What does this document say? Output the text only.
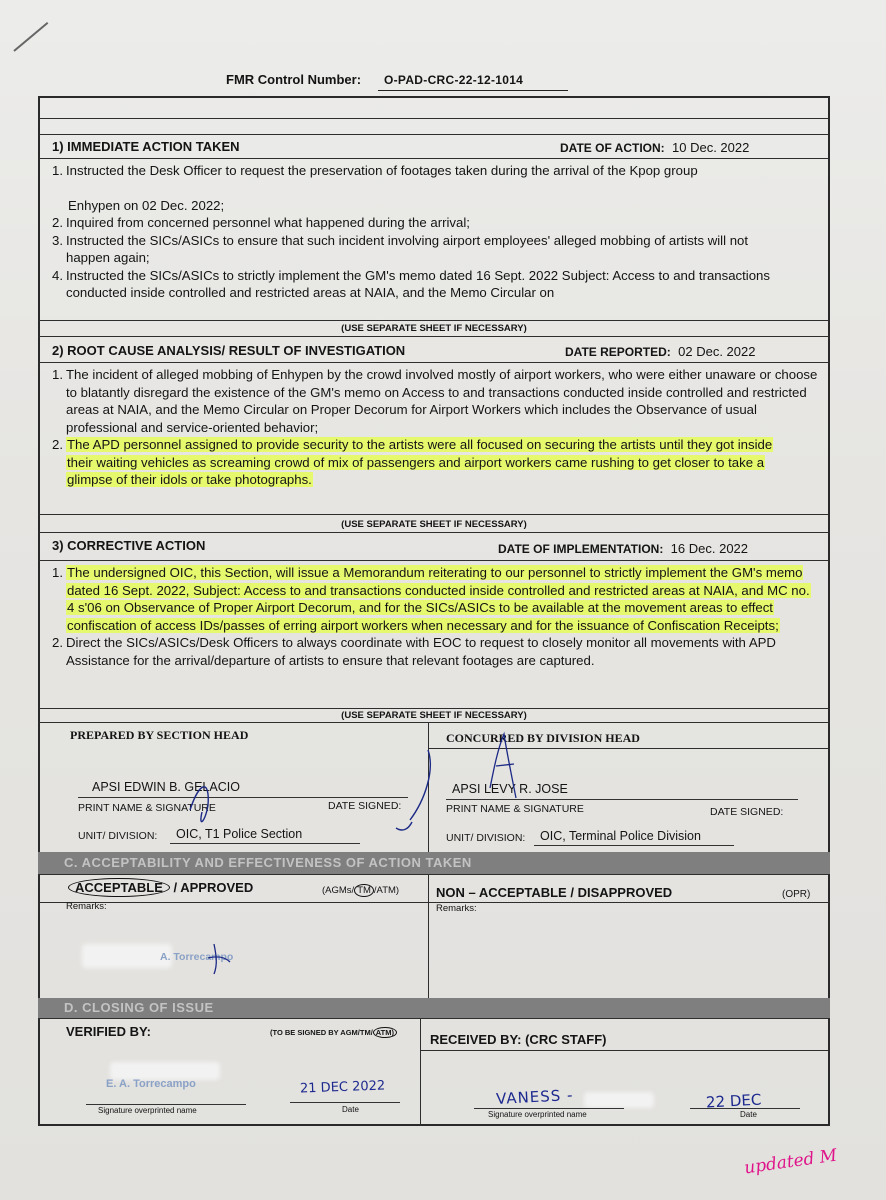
FMR Control Number: O-PAD-CRC-22-12-1014
1) IMMEDIATE ACTION TAKEN	DATE OF ACTION: 10 Dec. 2022
1. Instructed the Desk Officer to request the preservation of footages taken during the arrival of the Kpop group
Enhypen on 02 Dec. 2022;
2. Inquired from concerned personnel what happened during the arrival;
3. Instructed the SICs/ASICs to ensure that such incident involving airport employees' alleged mobbing of artists will not happen again;
4. Instructed the SICs/ASICs to strictly implement the GM's memo dated 16 Sept. 2022 Subject: Access to and transactions conducted inside controlled and restricted areas at NAIA, and the Memo Circular on
(USE SEPARATE SHEET IF NECESSARY)
2) ROOT CAUSE ANALYSIS/ RESULT OF INVESTIGATION	DATE REPORTED: 02 Dec. 2022
1. The incident of alleged mobbing of Enhypen by the crowd involved mostly of airport workers, who were either unaware or choose to blatantly disregard the existence of the GM's memo on Access to and transactions conducted inside controlled and restricted areas at NAIA, and the Memo Circular on Proper Decorum for Airport Workers which includes the Observance of usual professional and service-oriented behavior;
2. The APD personnel assigned to provide security to the artists were all focused on securing the artists until they got inside their waiting vehicles as screaming crowd of mix of passengers and airport workers came rushing to get closer to take a glimpse of their idols or take photographs.
(USE SEPARATE SHEET IF NECESSARY)
3) CORRECTIVE ACTION	DATE OF IMPLEMENTATION: 16 Dec. 2022
1. The undersigned OIC, this Section, will issue a Memorandum reiterating to our personnel to strictly implement the GM's memo dated 16 Sept. 2022, Subject: Access to and transactions conducted inside controlled and restricted areas at NAIA, and MC no. 4 s'06 on Observance of Proper Airport Decorum, and for the SICs/ASICs to be available at the movement areas to effect confiscation of access IDs/passes of erring airport workers when necessary and for the issuance of Confiscation Receipts;
2. Direct the SICs/ASICs/Desk Officers to always coordinate with EOC to request to closely monitor all movements with APD Assistance for the arrival/departure of artists to ensure that relevant footages are captured.
(USE SEPARATE SHEET IF NECESSARY)
PREPARED BY SECTION HEAD	CONCURRED BY DIVISION HEAD
APSI EDWIN B. GELACIO
PRINT NAME & SIGNATURE	DATE SIGNED:
UNIT/ DIVISION: OIC, T1 Police Section
APSI LEVY R. JOSE
PRINT NAME & SIGNATURE	DATE SIGNED:
UNIT/ DIVISION: OIC, Terminal Police Division
C. ACCEPTABILITY AND EFFECTIVENESS OF ACTION TAKEN
ACCEPTABLE / APPROVED	(AGMs/ TM /ATM)	NON – ACCEPTABLE / DISAPPROVED	(OPR)
Remarks:	Remarks:
A. Torrecampo
D. CLOSING OF ISSUE
VERIFIED BY:	(TO BE SIGNED BY AGM/TM/ ATM)	RECEIVED BY: (CRC STAFF)
E. A. Torrecampo	21 DEC 2022
Signature overprinted name	Date
VANESS -	22 DEC
Signature overprinted name	Date
updated M
